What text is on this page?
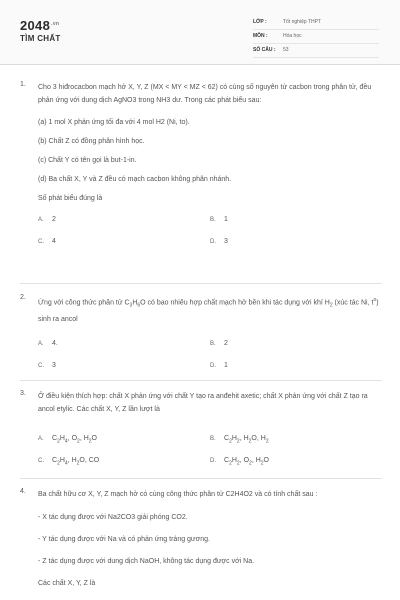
$2048^{.vn}$
TÌM CHẤT
LỚP :	Tốt nghiệp THPT
MÔN :	Hóa học
SỐ CÂU :	53
1. Cho 3 hiđrocacbon mạch hở X, Y, Z (MX < MY < MZ < 62) có cùng số nguyên tử cacbon trong phân tử, đều phản ứng với dung dịch AgNO3 trong NH3 dư. Trong các phát biểu sau:
(a) 1 mol X phản ứng tối đa với 4 mol H2 (Ni, to).
(b) Chất Z có đồng phân hình học.
(c) Chất Y có tên gọi là but-1-in.
(d) Ba chất X, Y và Z đều có mạch cacbon không phân nhánh.
Số phát biểu đúng là
A. 2	B. 1
C. 4	D. 3
2.
Ứng với công thức phân tử $C_3H_6O$ có bao nhiêu hợp chất mạch hở bền khi tác dụng với khí $H_2$ (xúc tác Ni, $t^o$) sinh ra ancol
A. 4.	B. 2
C. 3	D. 1
3. Ở điều kiện thích hợp: chất X phản ứng với chất Y tạo ra anđehit axetic; chất X phản ứng với chất Z tạo ra ancol etylic. Các chất X, Y, Z lần lượt là
A. $C_2H_4$, $O_2$, $H_2O$	B. $C_2H_2$, $H_2O$, $H_2$
C. $C_2H_4$, $H_2O$, CO	D. $C_2H_2$, $O_2$, $H_2O$
4. Ba chất hữu cơ X, Y, Z mạch hở có cùng công thức phân tử C2H4O2 và có tính chất sau :
- X tác dụng được với Na2CO3 giải phóng CO2.
- Y tác dụng được với Na và có phản ứng tráng gương.
- Z tác dụng được với dung dịch NaOH, không tác dụng được với Na.
Các chất X, Y, Z là
